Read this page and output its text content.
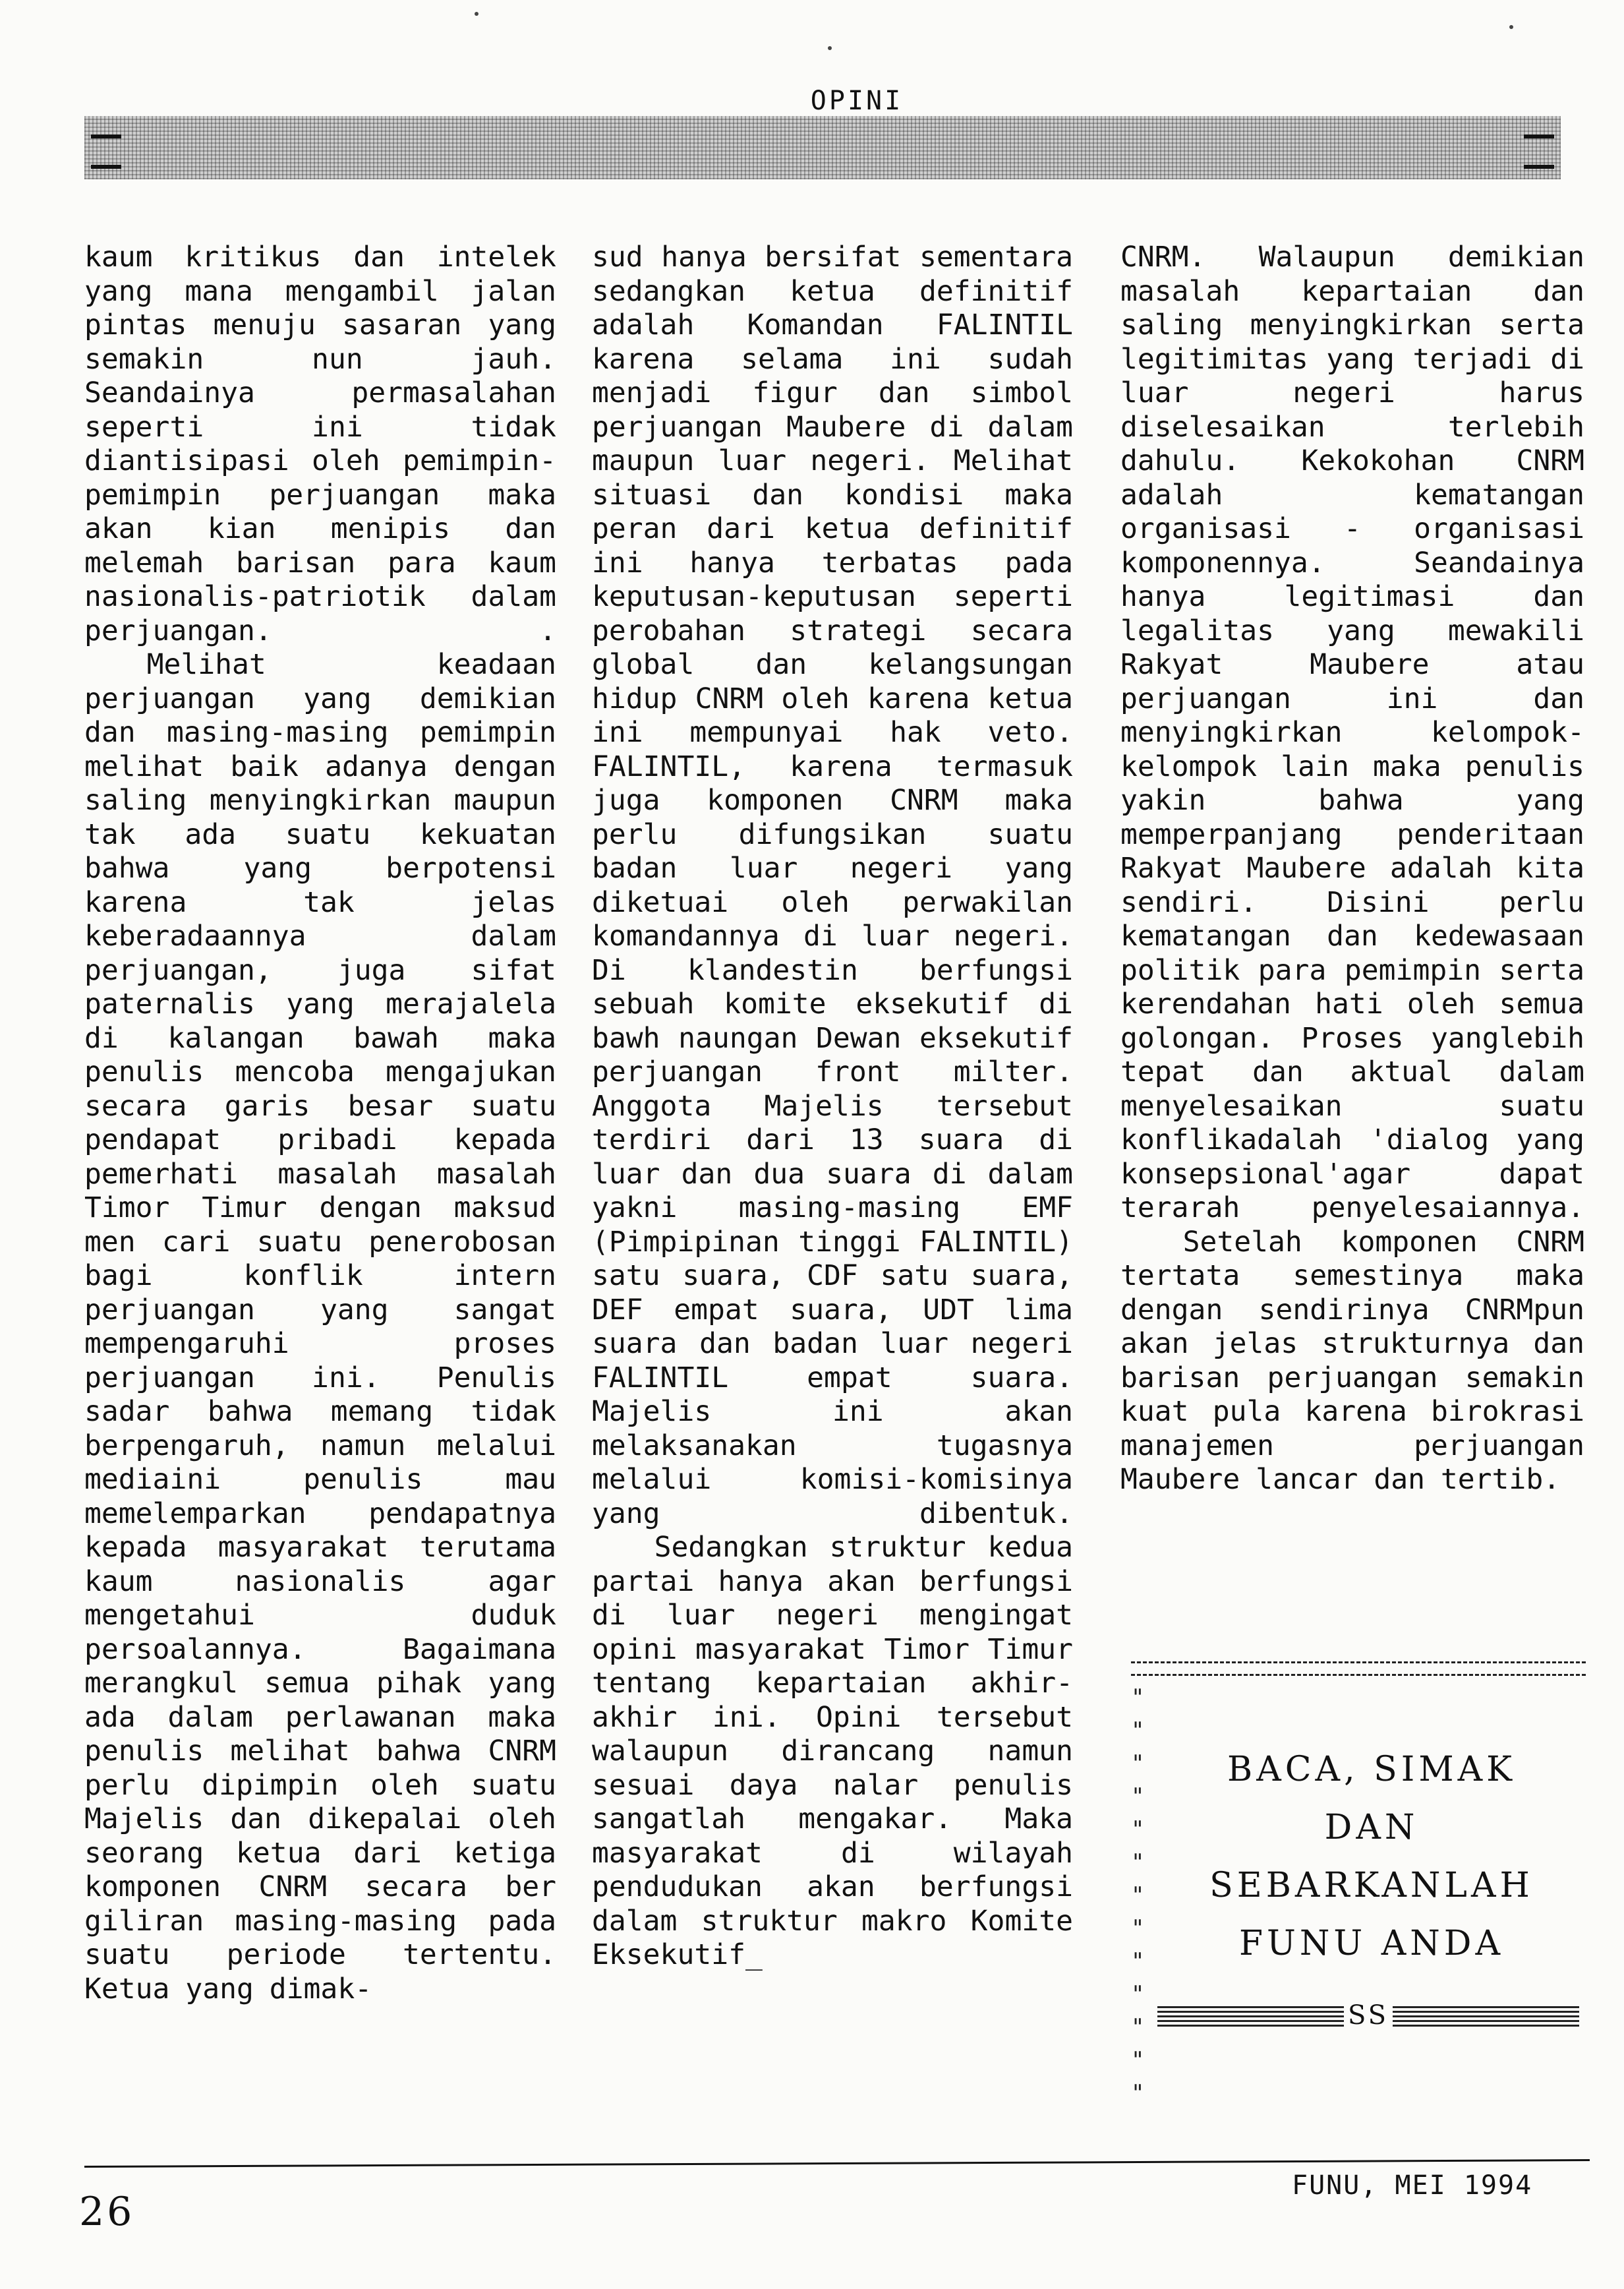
OPINI

kaum kritikus dan intelek yang mana mengambil jalan pintas menuju sasaran yang semakin nun jauh. Seandainya permasalahan seperti ini tidak diantisipasi oleh pemimpin-pemimpin perjuangan maka akan kian menipis dan melemah barisan para kaum nasionalis-patriotik dalam perjuangan. .

Melihat keadaan perjuangan yang demikian dan masing-masing pemimpin melihat baik adanya dengan saling menyingkirkan maupun tak ada suatu kekuatan bahwa yang berpotensi karena tak jelas keberadaannya dalam perjuangan, juga sifat paternalis yang merajalela di kalangan bawah maka penulis mencoba mengajukan secara garis besar suatu pendapat pribadi kepada pemerhati masalah masalah Timor Timur dengan maksud men cari suatu penerobosan bagi konflik intern perjuangan yang sangat mempengaruhi proses perjuangan ini. Penulis sadar bahwa memang tidak berpengaruh, namun melalui mediaini penulis mau memelemparkan pendapatnya kepada masyarakat terutama kaum nasionalis agar mengetahui duduk persoalannya. Bagaimana merangkul semua pihak yang ada dalam perlawanan maka penulis melihat bahwa CNRM perlu dipimpin oleh suatu Majelis dan dikepalai oleh seorang ketua dari ketiga komponen CNRM secara ber giliran masing-masing pada suatu periode tertentu. Ketua yang dimak-

sud hanya bersifat sementara sedangkan ketua definitif adalah Komandan FALINTIL karena selama ini sudah menjadi figur dan simbol perjuangan Maubere di dalam maupun luar negeri. Melihat situasi dan kondisi maka peran dari ketua definitif ini hanya terbatas pada keputusan-keputusan seperti perobahan strategi secara global dan kelangsungan hidup CNRM oleh karena ketua ini mempunyai hak veto. FALINTIL, karena termasuk juga komponen CNRM maka perlu difungsikan suatu badan luar negeri yang diketuai oleh perwakilan komandannya di luar negeri. Di klandestin berfungsi sebuah komite eksekutif di bawh naungan Dewan eksekutif perjuangan front milter. Anggota Majelis tersebut terdiri dari 13 suara di luar dan dua suara di dalam yakni masing-masing EMF (Pimpipinan tinggi FALINTIL) satu suara, CDF satu suara, DEF empat suara, UDT lima suara dan badan luar negeri FALINTIL empat suara. Majelis ini akan melaksanakan tugasnya melalui komisi-komisinya yang dibentuk.

Sedangkan struktur kedua partai hanya akan berfungsi di luar negeri mengingat opini masyarakat Timor Timur tentang kepartaian akhir-akhir ini. Opini tersebut walaupun dirancang namun sesuai daya nalar penulis sangatlah mengakar. Maka masyarakat di wilayah pendudukan akan berfungsi dalam struktur makro Komite Eksekutif_

CNRM. Walaupun demikian masalah kepartaian dan saling menyingkirkan serta legitimitas yang terjadi di luar negeri harus diselesaikan terlebih dahulu. Kekokohan CNRM adalah kematangan organisasi - organisasi komponennya. Seandainya hanya legitimasi dan legalitas yang mewakili Rakyat Maubere atau perjuangan ini dan menyingkirkan kelompok-kelompok lain maka penulis yakin bahwa yang memperpanjang penderitaan Rakyat Maubere adalah kita sendiri. Disini perlu kematangan dan kedewasaan politik para pemimpin serta kerendahan hati oleh semua golongan. Proses yanglebih tepat dan aktual dalam menyelesaikan suatu konflikadalah 'dialog yang konsepsional'agar dapat terarah penyelesaiannya.

Setelah komponen CNRM tertata semestinya maka dengan sendirinya CNRMpun akan jelas strukturnya dan barisan perjuangan semakin kuat pula karena birokrasi manajemen perjuangan Maubere lancar dan tertib.

"
"
"
"
"
"
"
"
"
"
"
"
"
BACA, SIMAK
DAN
SEBARKANLAH
FUNU ANDA
SS
FUNU, MEI 1994
26
